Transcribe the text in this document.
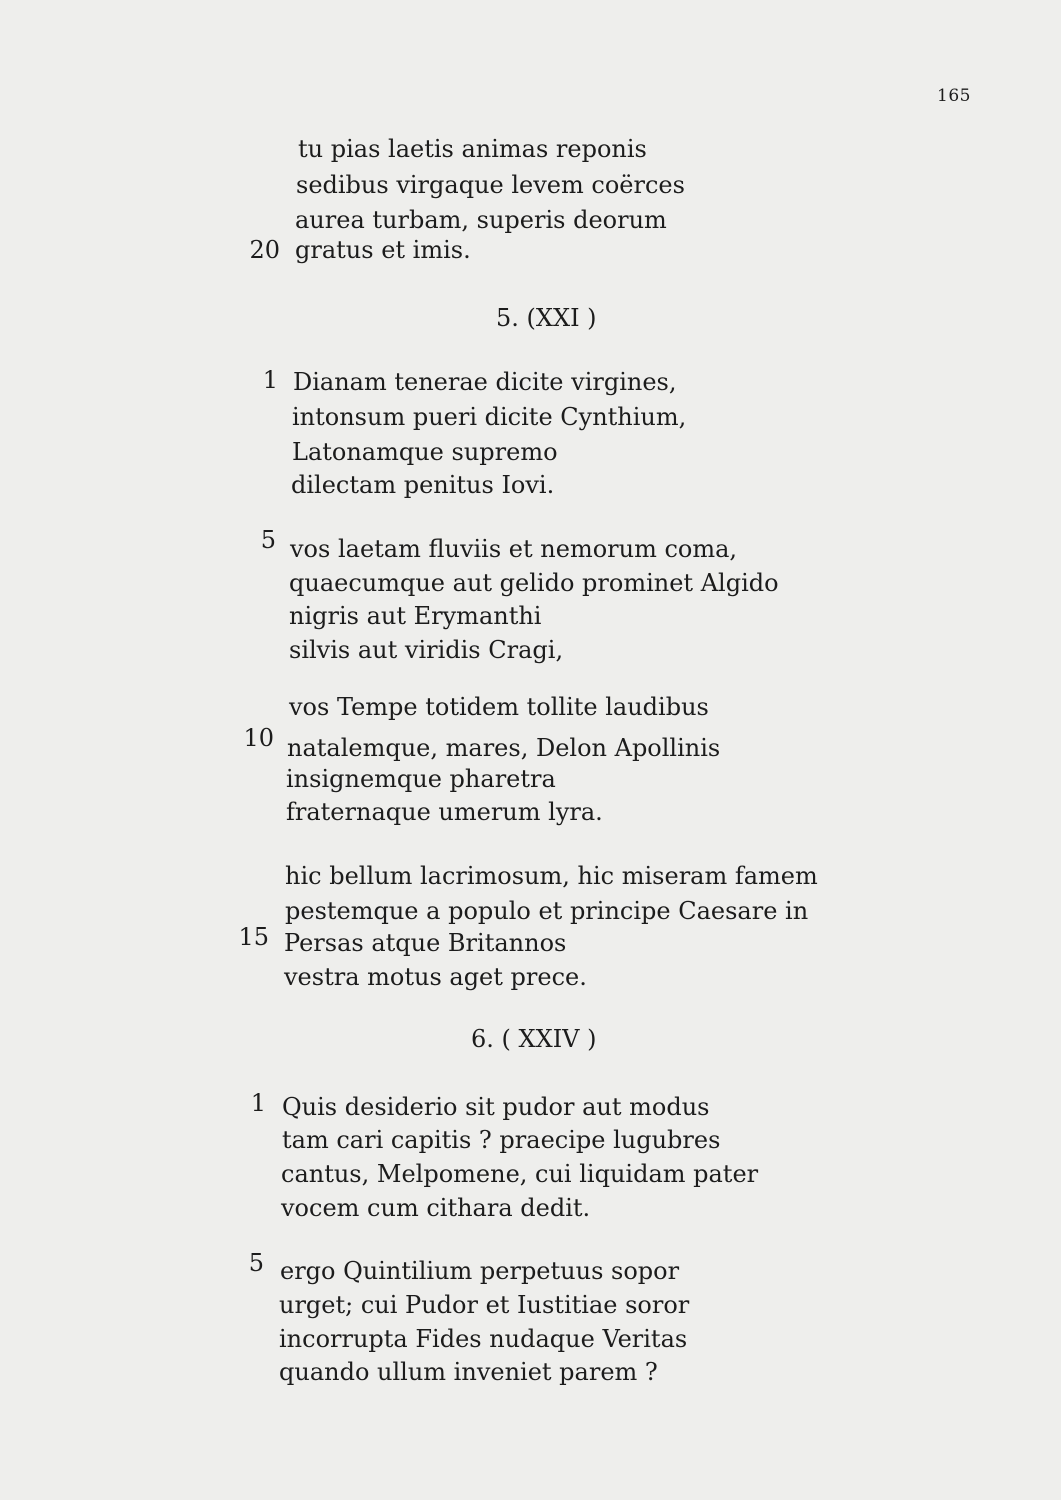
165
tu pias laetis animas reponis
sedibus virgaque levem coërces
aurea turbam, superis deorum
20 gratus et imis.
5. (XXI )
1 Dianam tenerae dicite virgines,
intonsum pueri dicite Cynthium,
Latonamque supremo
dilectam penitus Iovi.
5 vos laetam fluviis et nemorum coma,
quaecumque aut gelido prominet Algido
nigris aut Erymanthi
silvis aut viridis Cragi,
vos Tempe totidem tollite laudibus
10 natalemque, mares, Delon Apollinis
insignemque pharetra
fraternaque umerum lyra.
hic bellum lacrimosum, hic miseram famem
pestemque a populo et principe Caesare in
15 Persas atque Britannos
vestra motus aget prece.
6. ( XXIV )
1 Quis desiderio sit pudor aut modus
tam cari capitis ? praecipe lugubres
cantus, Melpomene, cui liquidam pater
vocem cum cithara dedit.
5 ergo Quintilium perpetuus sopor
urget; cui Pudor et Iustitiae soror
incorrupta Fides nudaque Veritas
quando ullum inveniet parem ?
